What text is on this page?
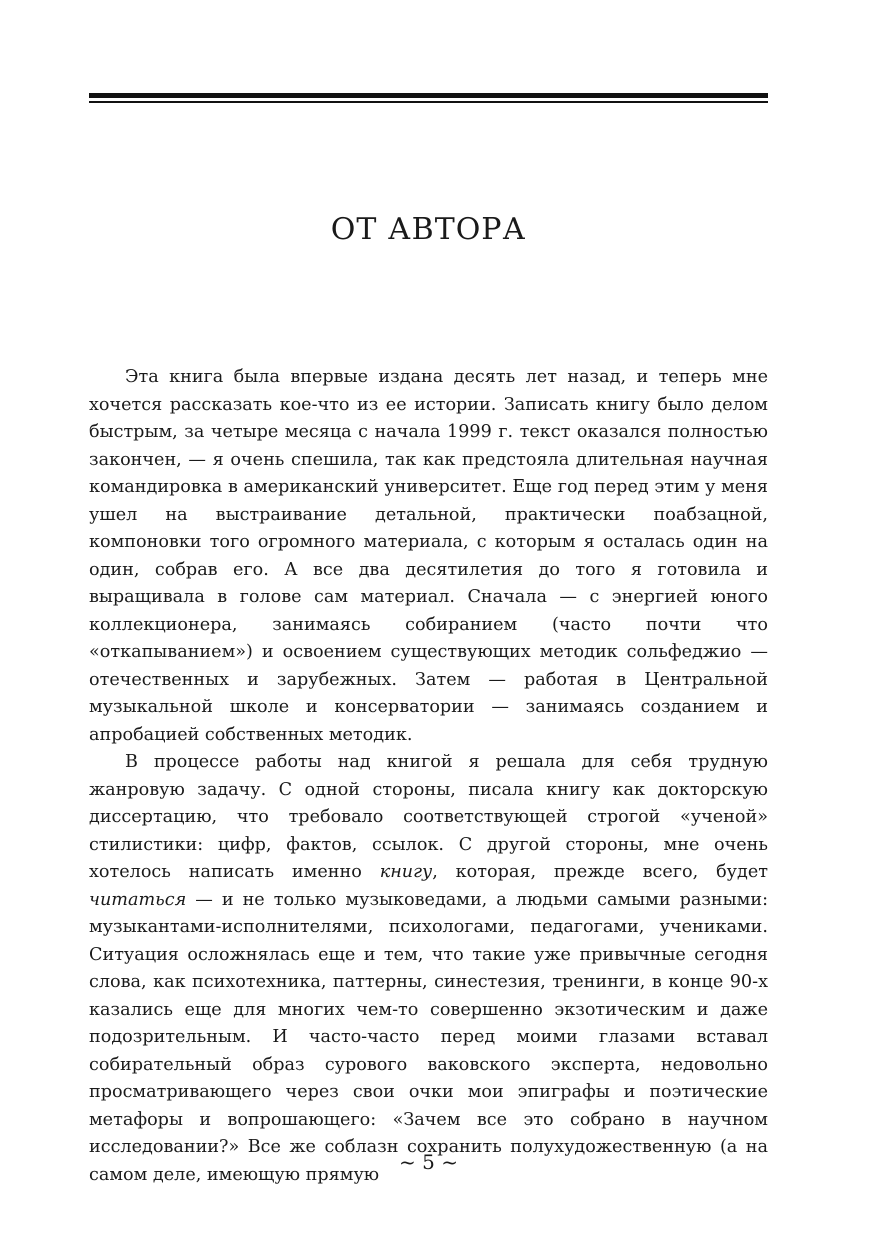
ОТ АВТОРА

Эта книга была впервые издана десять лет назад, и теперь мне хочется рассказать кое-что из ее истории. Записать книгу было делом быстрым, за четыре месяца с начала 1999 г. текст оказался полностью закончен, — я очень спешила, так как предстояла длительная научная командировка в американский университет. Еще год перед этим у меня ушел на выстраивание детальной, практически поабзацной, компоновки того огромного материала, с которым я осталась один на один, собрав его. А все два десятилетия до того я готовила и выращивала в голове сам материал. Сначала — с энергией юного коллекционера, занимаясь собиранием (часто почти что «откапыванием») и освоением существующих методик сольфеджио — отечественных и зарубежных. Затем — работая в Центральной музыкальной школе и консерватории — занимаясь созданием и апробацией собственных методик.

В процессе работы над книгой я решала для себя трудную жанровую задачу. С одной стороны, писала книгу как докторскую диссертацию, что требовало соответствующей строгой «ученой» стилистики: цифр, фактов, ссылок. С другой стороны, мне очень хотелось написать именно книгу, которая, прежде всего, будет читаться — и не только музыковедами, а людьми самыми разными: музыкантами-исполнителями, психологами, педагогами, учениками. Ситуация осложнялась еще и тем, что такие уже привычные сегодня слова, как психотехника, паттерны, синестезия, тренинги, в конце 90-х казались еще для многих чем-то совершенно экзотическим и даже подозрительным. И часто-часто перед моими глазами вставал собирательный образ сурового ваковского эксперта, недовольно просматривающего через свои очки мои эпиграфы и поэтические метафоры и вопрошающего: «Зачем все это собрано в научном исследовании?» Все же соблазн сохранить полухудожественную (а на самом деле, имеющую прямую

~ 5 ~
